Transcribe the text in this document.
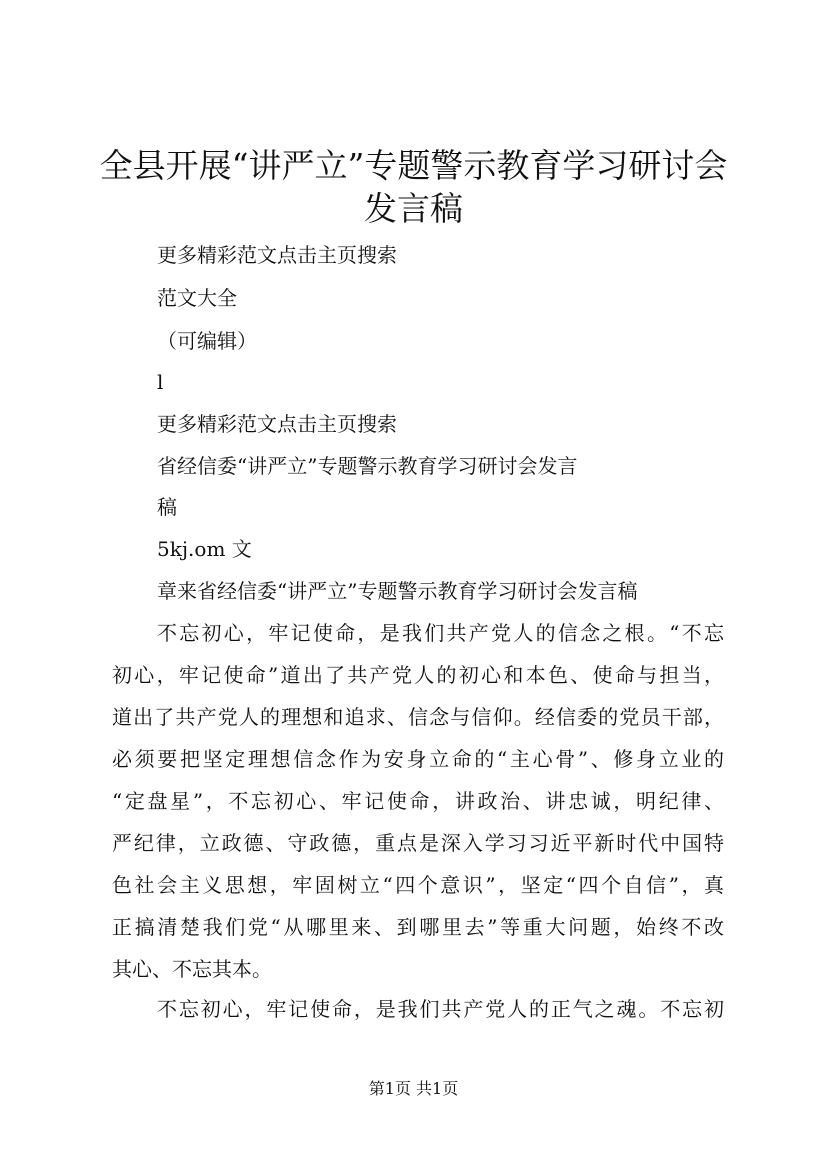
全县开展“讲严立”专题警示教育学习研讨会
发言稿
更多精彩范文点击主页搜索
范文大全
（可编辑）
l
更多精彩范文点击主页搜索
省经信委“讲严立”专题警示教育学习研讨会发言
稿
5kj.om 文
章来省经信委“讲严立”专题警示教育学习研讨会发言稿
不忘初心，牢记使命，是我们共产党人的信念之根。“不忘
初心，牢记使命”道出了共产党人的初心和本色、使命与担当，
道出了共产党人的理想和追求、信念与信仰。经信委的党员干部，
必须要把坚定理想信念作为安身立命的“主心骨”、修身立业的
“定盘星”，不忘初心、牢记使命，讲政治、讲忠诚，明纪律、
严纪律，立政德、守政德，重点是深入学习习近平新时代中国特
色社会主义思想，牢固树立“四个意识”，坚定“四个自信”，真
正搞清楚我们党“从哪里来、到哪里去”等重大问题，始终不改
其心、不忘其本。
不忘初心，牢记使命，是我们共产党人的正气之魂。不忘初
第1页 共1页
